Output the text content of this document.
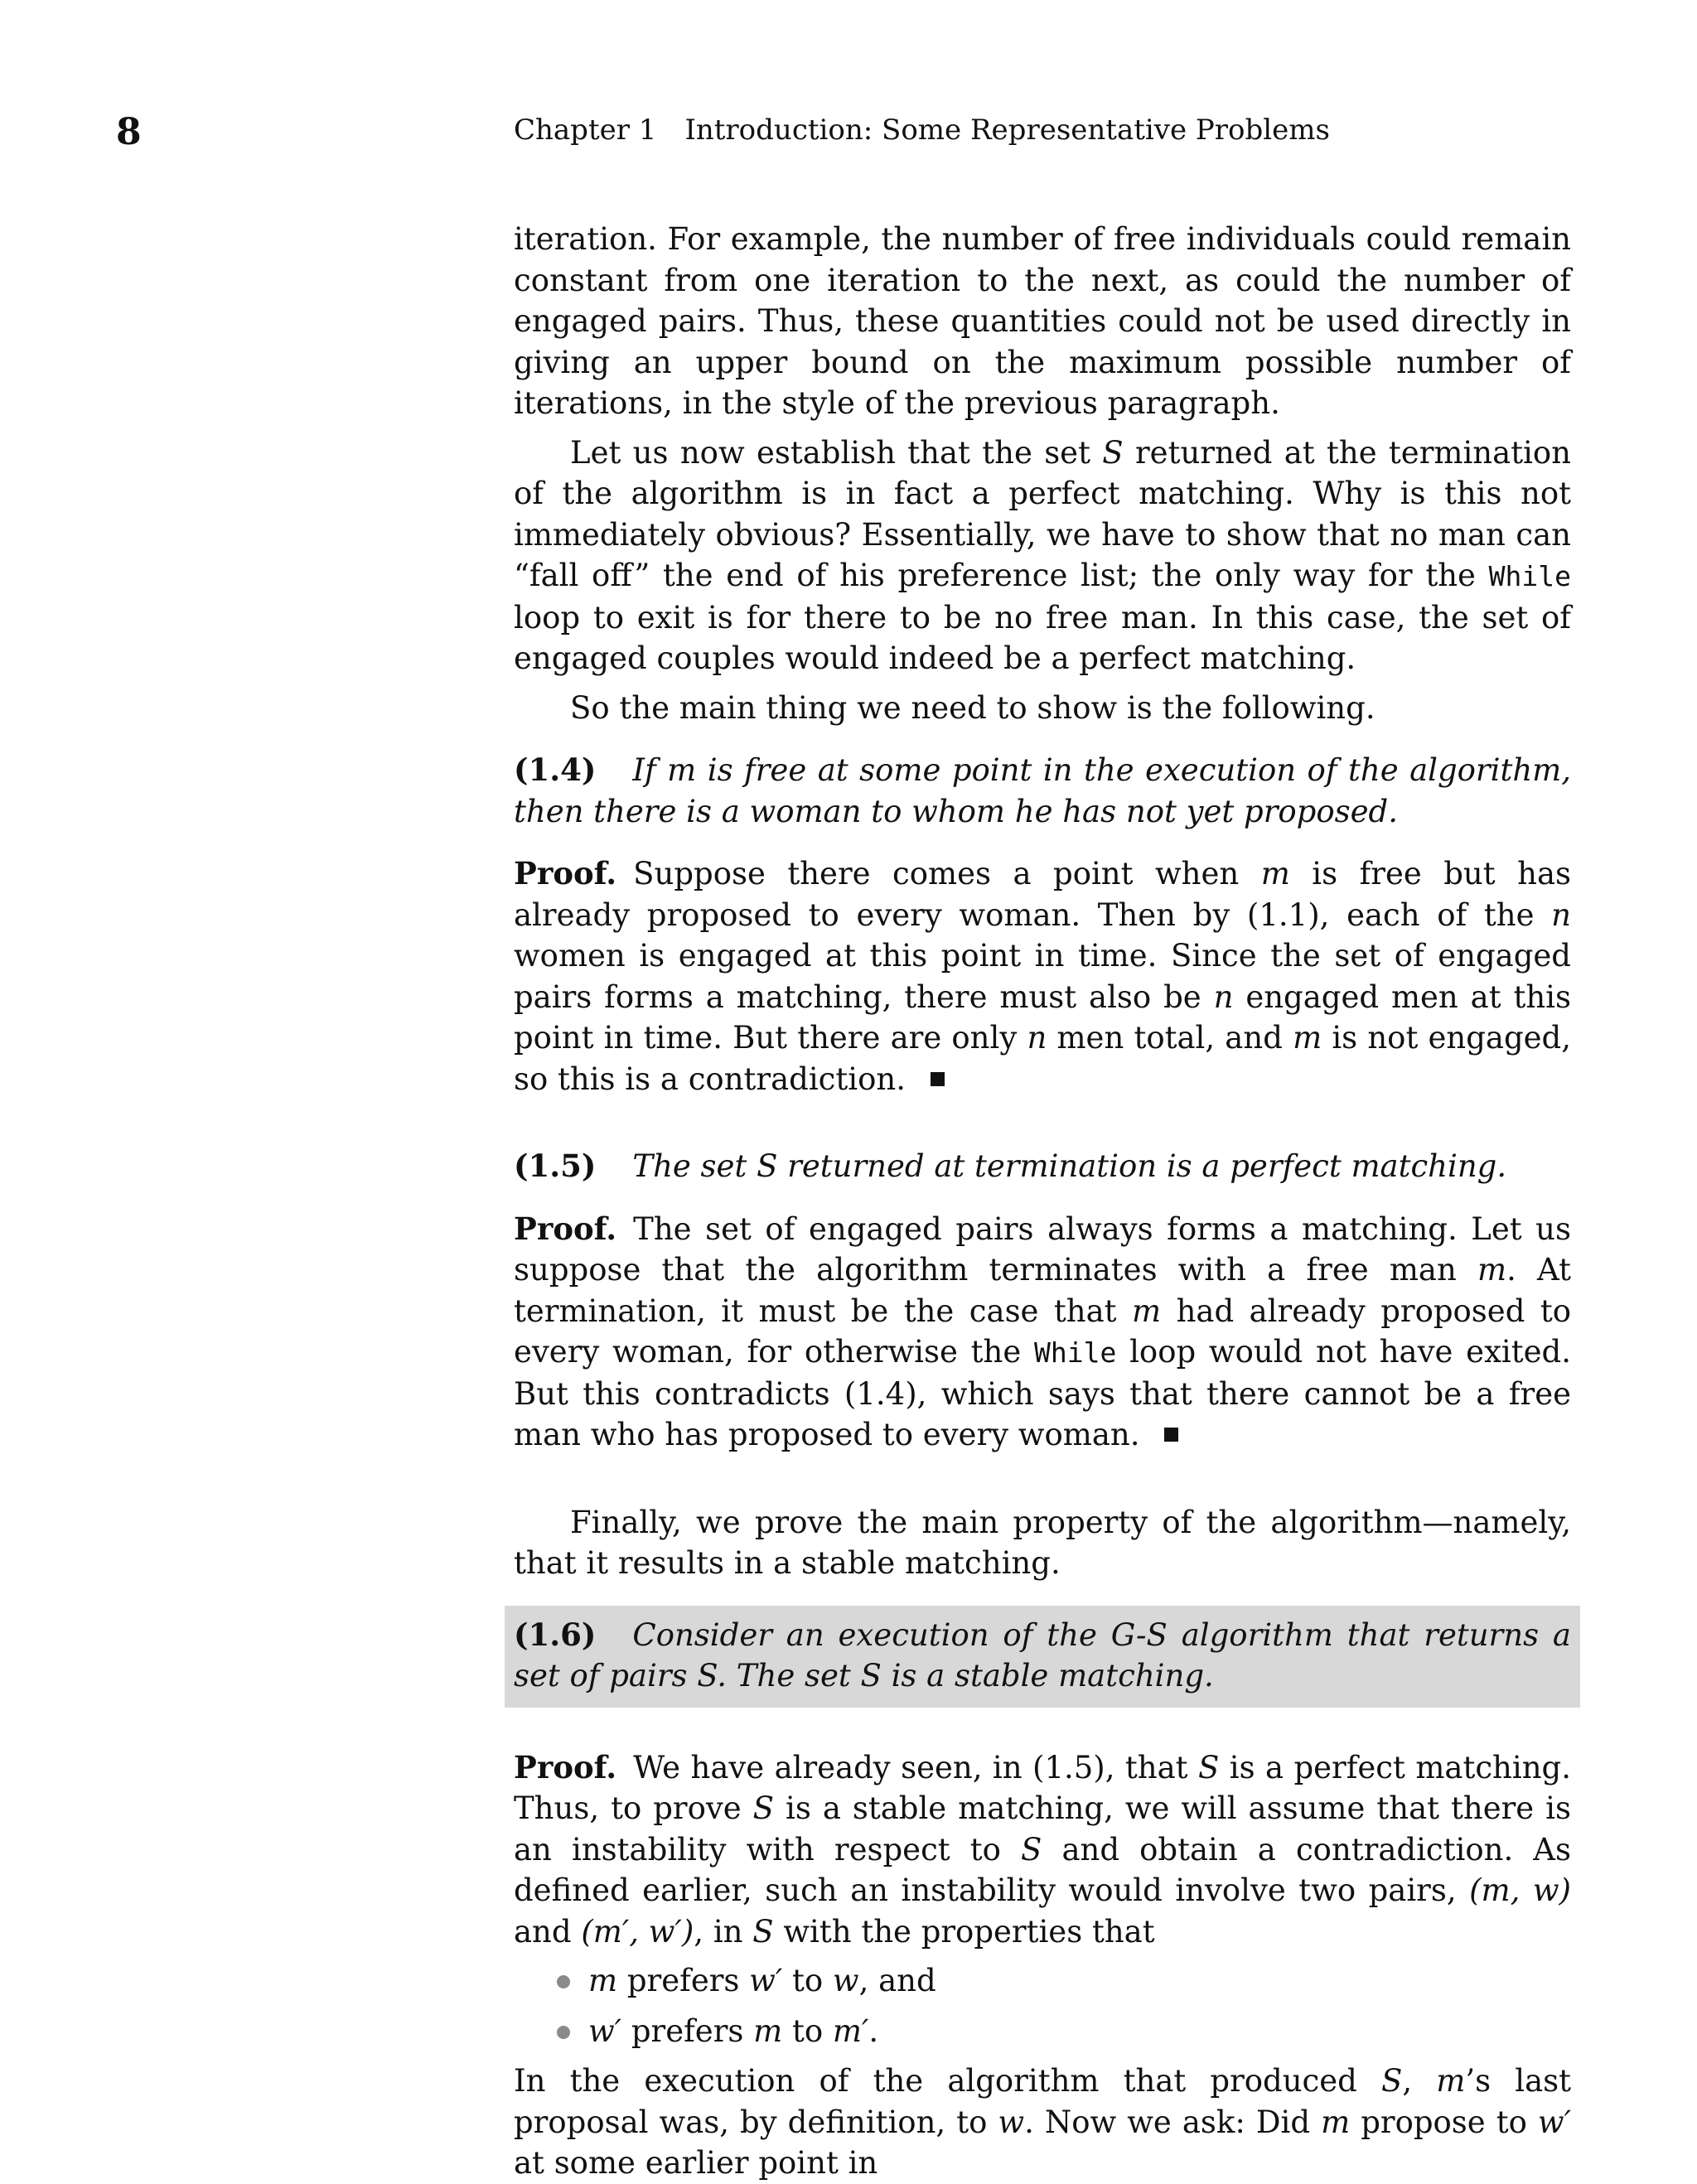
8	Chapter 1 Introduction: Some Representative Problems

iteration. For example, the number of free individuals could remain constant from one iteration to the next, as could the number of engaged pairs. Thus, these quantities could not be used directly in giving an upper bound on the maximum possible number of iterations, in the style of the previous paragraph.

Let us now establish that the set S returned at the termination of the algorithm is in fact a perfect matching. Why is this not immediately obvious? Essentially, we have to show that no man can “fall off” the end of his preference list; the only way for the While loop to exit is for there to be no free man. In this case, the set of engaged couples would indeed be a perfect matching.

So the main thing we need to show is the following.

(1.4) If m is free at some point in the execution of the algorithm, then there is a woman to whom he has not yet proposed.

Proof. Suppose there comes a point when m is free but has already proposed to every woman. Then by (1.1), each of the n women is engaged at this point in time. Since the set of engaged pairs forms a matching, there must also be n engaged men at this point in time. But there are only n men total, and m is not engaged, so this is a contradiction.

(1.5) The set S returned at termination is a perfect matching.

Proof. The set of engaged pairs always forms a matching. Let us suppose that the algorithm terminates with a free man m. At termination, it must be the case that m had already proposed to every woman, for otherwise the While loop would not have exited. But this contradicts (1.4), which says that there cannot be a free man who has proposed to every woman.

Finally, we prove the main property of the algorithm—namely, that it results in a stable matching.

(1.6) Consider an execution of the G-S algorithm that returns a set of pairs S. The set S is a stable matching.

Proof. We have already seen, in (1.5), that S is a perfect matching. Thus, to prove S is a stable matching, we will assume that there is an instability with respect to S and obtain a contradiction. As defined earlier, such an instability would involve two pairs, (m, w) and (m′, w′), in S with the properties that

m prefers w′ to w, and
w′ prefers m to m′.

In the execution of the algorithm that produced S, m’s last proposal was, by definition, to w. Now we ask: Did m propose to w′ at some earlier point in
